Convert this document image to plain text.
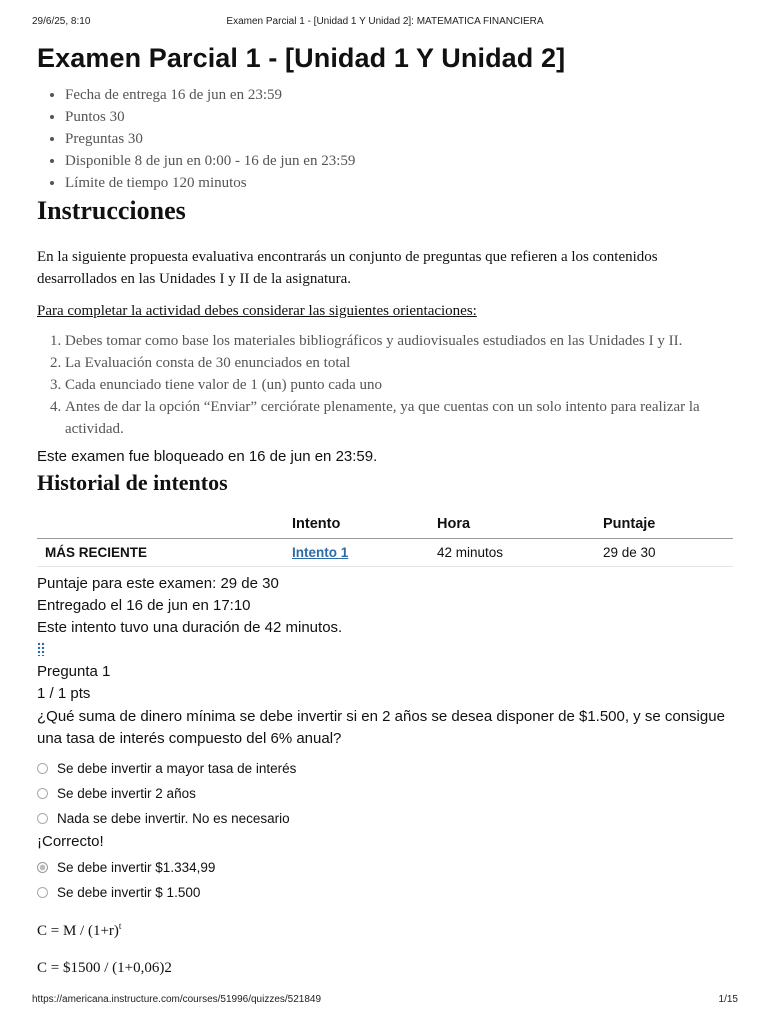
29/6/25, 8:10	Examen Parcial 1 - [Unidad 1 Y Unidad 2]: MATEMATICA FINANCIERA
Examen Parcial 1 - [Unidad 1 Y Unidad 2]
• Fecha de entrega 16 de jun en 23:59
• Puntos 30
• Preguntas 30
• Disponible 8 de jun en 0:00 - 16 de jun en 23:59
• Límite de tiempo 120 minutos
Instrucciones

En la siguiente propuesta evaluativa encontrarás un conjunto de preguntas que refieren a los contenidos desarrollados en las Unidades I y II de la asignatura.

Para completar la actividad debes considerar las siguientes orientaciones:

1. Debes tomar como base los materiales bibliográficos y audiovisuales estudiados en las Unidades I y II.
2. La Evaluación consta de 30 enunciados en total
3. Cada enunciado tiene valor de 1 (un) punto cada uno
4. Antes de dar la opción “Enviar” cerciórate plenamente, ya que cuentas con un solo intento para realizar la actividad.
Este examen fue bloqueado en 16 de jun en 23:59.
Historial de intentos
	Intento	Hora	Puntaje
MÁS RECIENTE	Intento 1	42 minutos	29 de 30
Puntaje para este examen: 29 de 30
Entregado el 16 de jun en 17:10
Este intento tuvo una duración de 42 minutos.
Pregunta 1
1 / 1 pts
¿Qué suma de dinero mínima se debe invertir si en 2 años se desea disponer de $1.500, y se consigue una tasa de interés compuesto del 6% anual?
Se debe invertir a mayor tasa de interés
Se debe invertir 2 años
Nada se debe invertir. No es necesario
¡Correcto!
Se debe invertir $1.334,99
Se debe invertir $ 1.500
$C = M / (1+r)^t$
C = $1500 / (1+0,06)2
https://americana.instructure.com/courses/51996/quizzes/521849	1/15
